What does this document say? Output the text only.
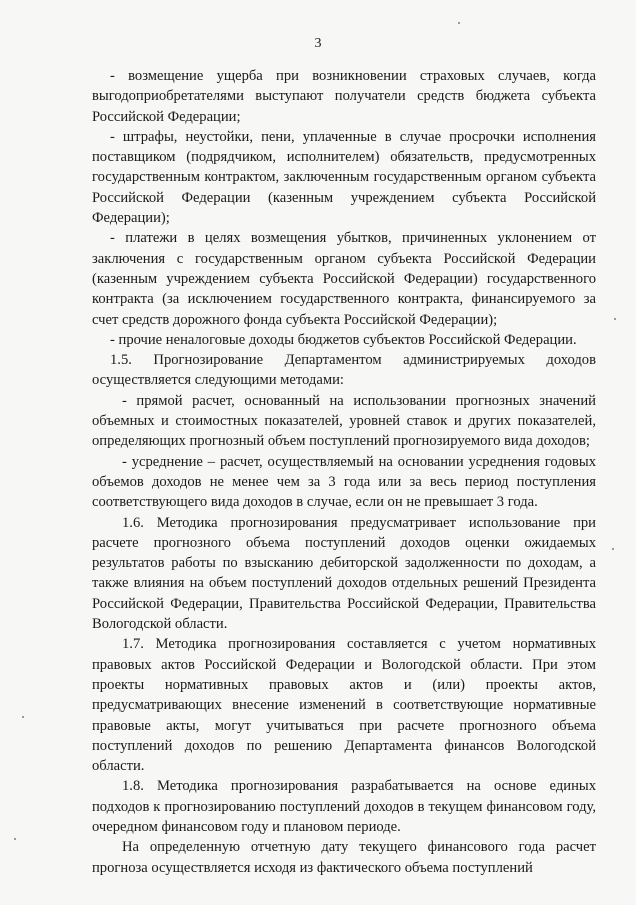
3

- возмещение ущерба при возникновении страховых случаев, когда выгодоприобретателями выступают получатели средств бюджета субъекта Российской Федерации;

- штрафы, неустойки, пени, уплаченные в случае просрочки исполнения поставщиком (подрядчиком, исполнителем) обязательств, предусмотренных государственным контрактом, заключенным государственным органом субъекта Российской Федерации (казенным учреждением субъекта Российской Федерации);

- платежи в целях возмещения убытков, причиненных уклонением от заключения с государственным органом субъекта Российской Федерации (казенным учреждением субъекта Российской Федерации) государственного контракта (за исключением государственного контракта, финансируемого за счет средств дорожного фонда субъекта Российской Федерации);

- прочие неналоговые доходы бюджетов субъектов Российской Федерации.

1.5. Прогнозирование Департаментом администрируемых доходов осуществляется следующими методами:

- прямой расчет, основанный на использовании прогнозных значений объемных и стоимостных показателей, уровней ставок и других показателей, определяющих прогнозный объем поступлений прогнозируемого вида доходов;

- усреднение – расчет, осуществляемый на основании усреднения годовых объемов доходов не менее чем за 3 года или за весь период поступления соответствующего вида доходов в случае, если он не превышает 3 года.

1.6. Методика прогнозирования предусматривает использование при расчете прогнозного объема поступлений доходов оценки ожидаемых результатов работы по взысканию дебиторской задолженности по доходам, а также влияния на объем поступлений доходов отдельных решений Президента Российской Федерации, Правительства Российской Федерации, Правительства Вологодской области.

1.7. Методика прогнозирования составляется с учетом нормативных правовых актов Российской Федерации и Вологодской области. При этом проекты нормативных правовых актов и (или) проекты актов, предусматривающих внесение изменений в соответствующие нормативные правовые акты, могут учитываться при расчете прогнозного объема поступлений доходов по решению Департамента финансов Вологодской области.

1.8. Методика прогнозирования разрабатывается на основе единых подходов к прогнозированию поступлений доходов в текущем финансовом году, очередном финансовом году и плановом периоде.

На определенную отчетную дату текущего финансового года расчет прогноза осуществляется исходя из фактического объема поступлений
